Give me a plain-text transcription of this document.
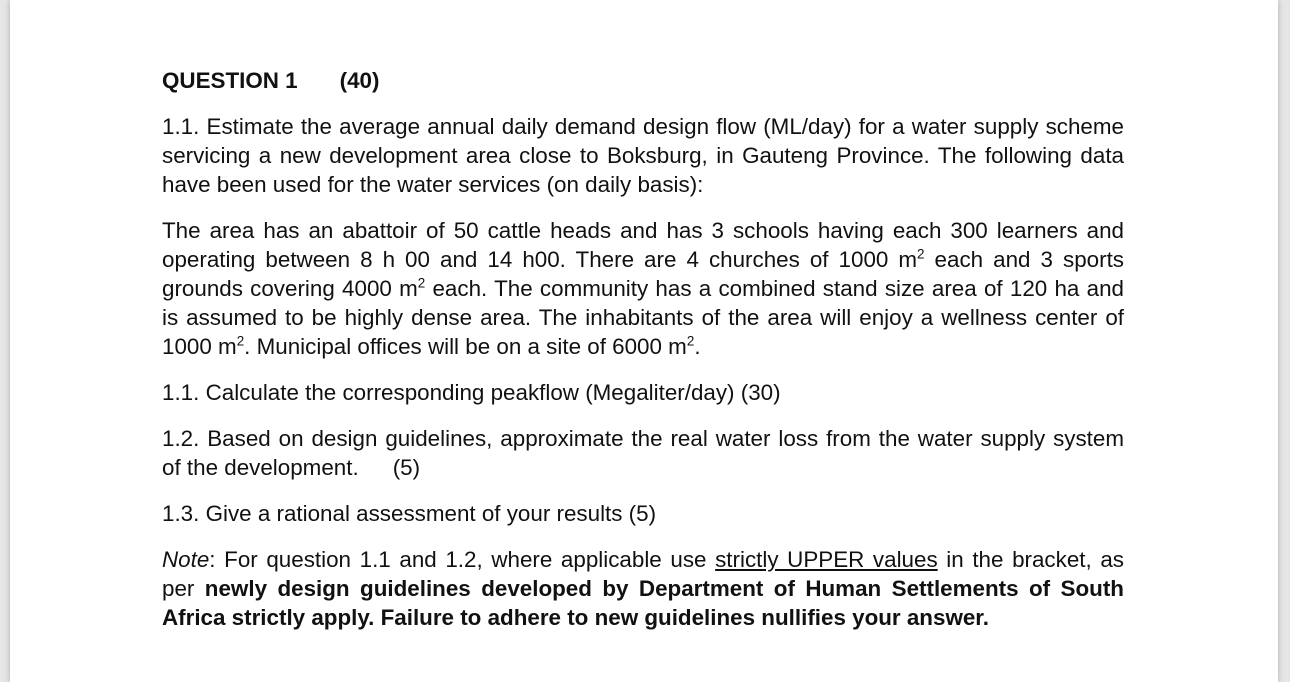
QUESTION 1 (40)

1.1. Estimate the average annual daily demand design flow (ML/day) for a water supply scheme servicing a new development area close to Boksburg, in Gauteng Province. The following data have been used for the water services (on daily basis):

The area has an abattoir of 50 cattle heads and has 3 schools having each 300 learners and operating between 8 h 00 and 14 h00. There are 4 churches of 1000 $m^2$ each and 3 sports grounds covering 4000 $m^2$ each. The community has a combined stand size area of 120 ha and is assumed to be highly dense area. The inhabitants of the area will enjoy a wellness center of 1000 $m^2$. Municipal offices will be on a site of 6000 $m^2$.

1.1. Calculate the corresponding peakflow (Megaliter/day) (30)

1.2. Based on design guidelines, approximate the real water loss from the water supply system of the development. (5)

1.3. Give a rational assessment of your results (5)

Note: For question 1.1 and 1.2, where applicable use strictly UPPER values in the bracket, as per newly design guidelines developed by Department of Human Settlements of South Africa strictly apply. Failure to adhere to new guidelines nullifies your answer.
